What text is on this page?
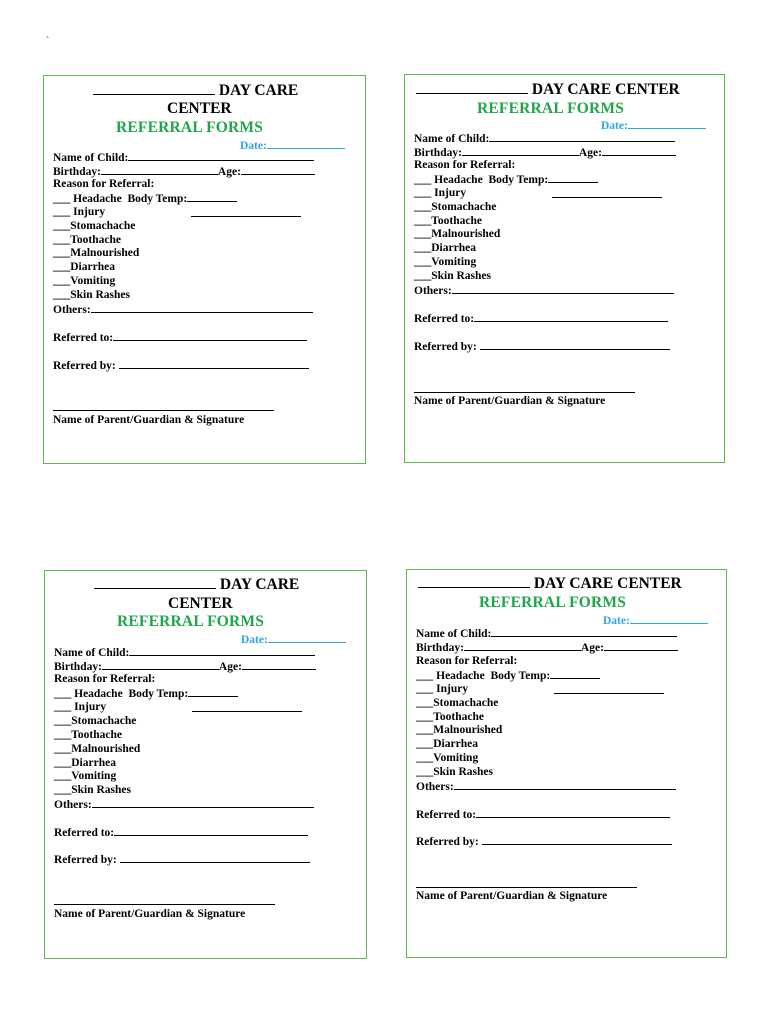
`
DAY CARE
CENTER
REFERRAL FORMS
Date:
Name of Child:
Birthday:	Age:
Reason for Referral:
___ Headache Body Temp:
___ Injury
___Stomachache
___Toothache
___Malnourished
___Diarrhea
___Vomiting
___Skin Rashes
Others:
Referred to:
Referred by:
Name of Parent/Guardian & Signature
DAY CARE CENTER
REFERRAL FORMS
Date:
Name of Child:
Birthday:	Age:
Reason for Referral:
___ Headache Body Temp:
___ Injury
___Stomachache
___Toothache
___Malnourished
___Diarrhea
___Vomiting
___Skin Rashes
Others:
Referred to:
Referred by:
Name of Parent/Guardian & Signature
DAY CARE
CENTER
REFERRAL FORMS
Date:
Name of Child:
Birthday:	Age:
Reason for Referral:
___ Headache Body Temp:
___ Injury
___Stomachache
___Toothache
___Malnourished
___Diarrhea
___Vomiting
___Skin Rashes
Others:
Referred to:
Referred by:
Name of Parent/Guardian & Signature
DAY CARE CENTER
REFERRAL FORMS
Date:
Name of Child:
Birthday:	Age:
Reason for Referral:
___ Headache Body Temp:
___ Injury
___Stomachache
___Toothache
___Malnourished
___Diarrhea
___Vomiting
___Skin Rashes
Others:
Referred to:
Referred by:
Name of Parent/Guardian & Signature
